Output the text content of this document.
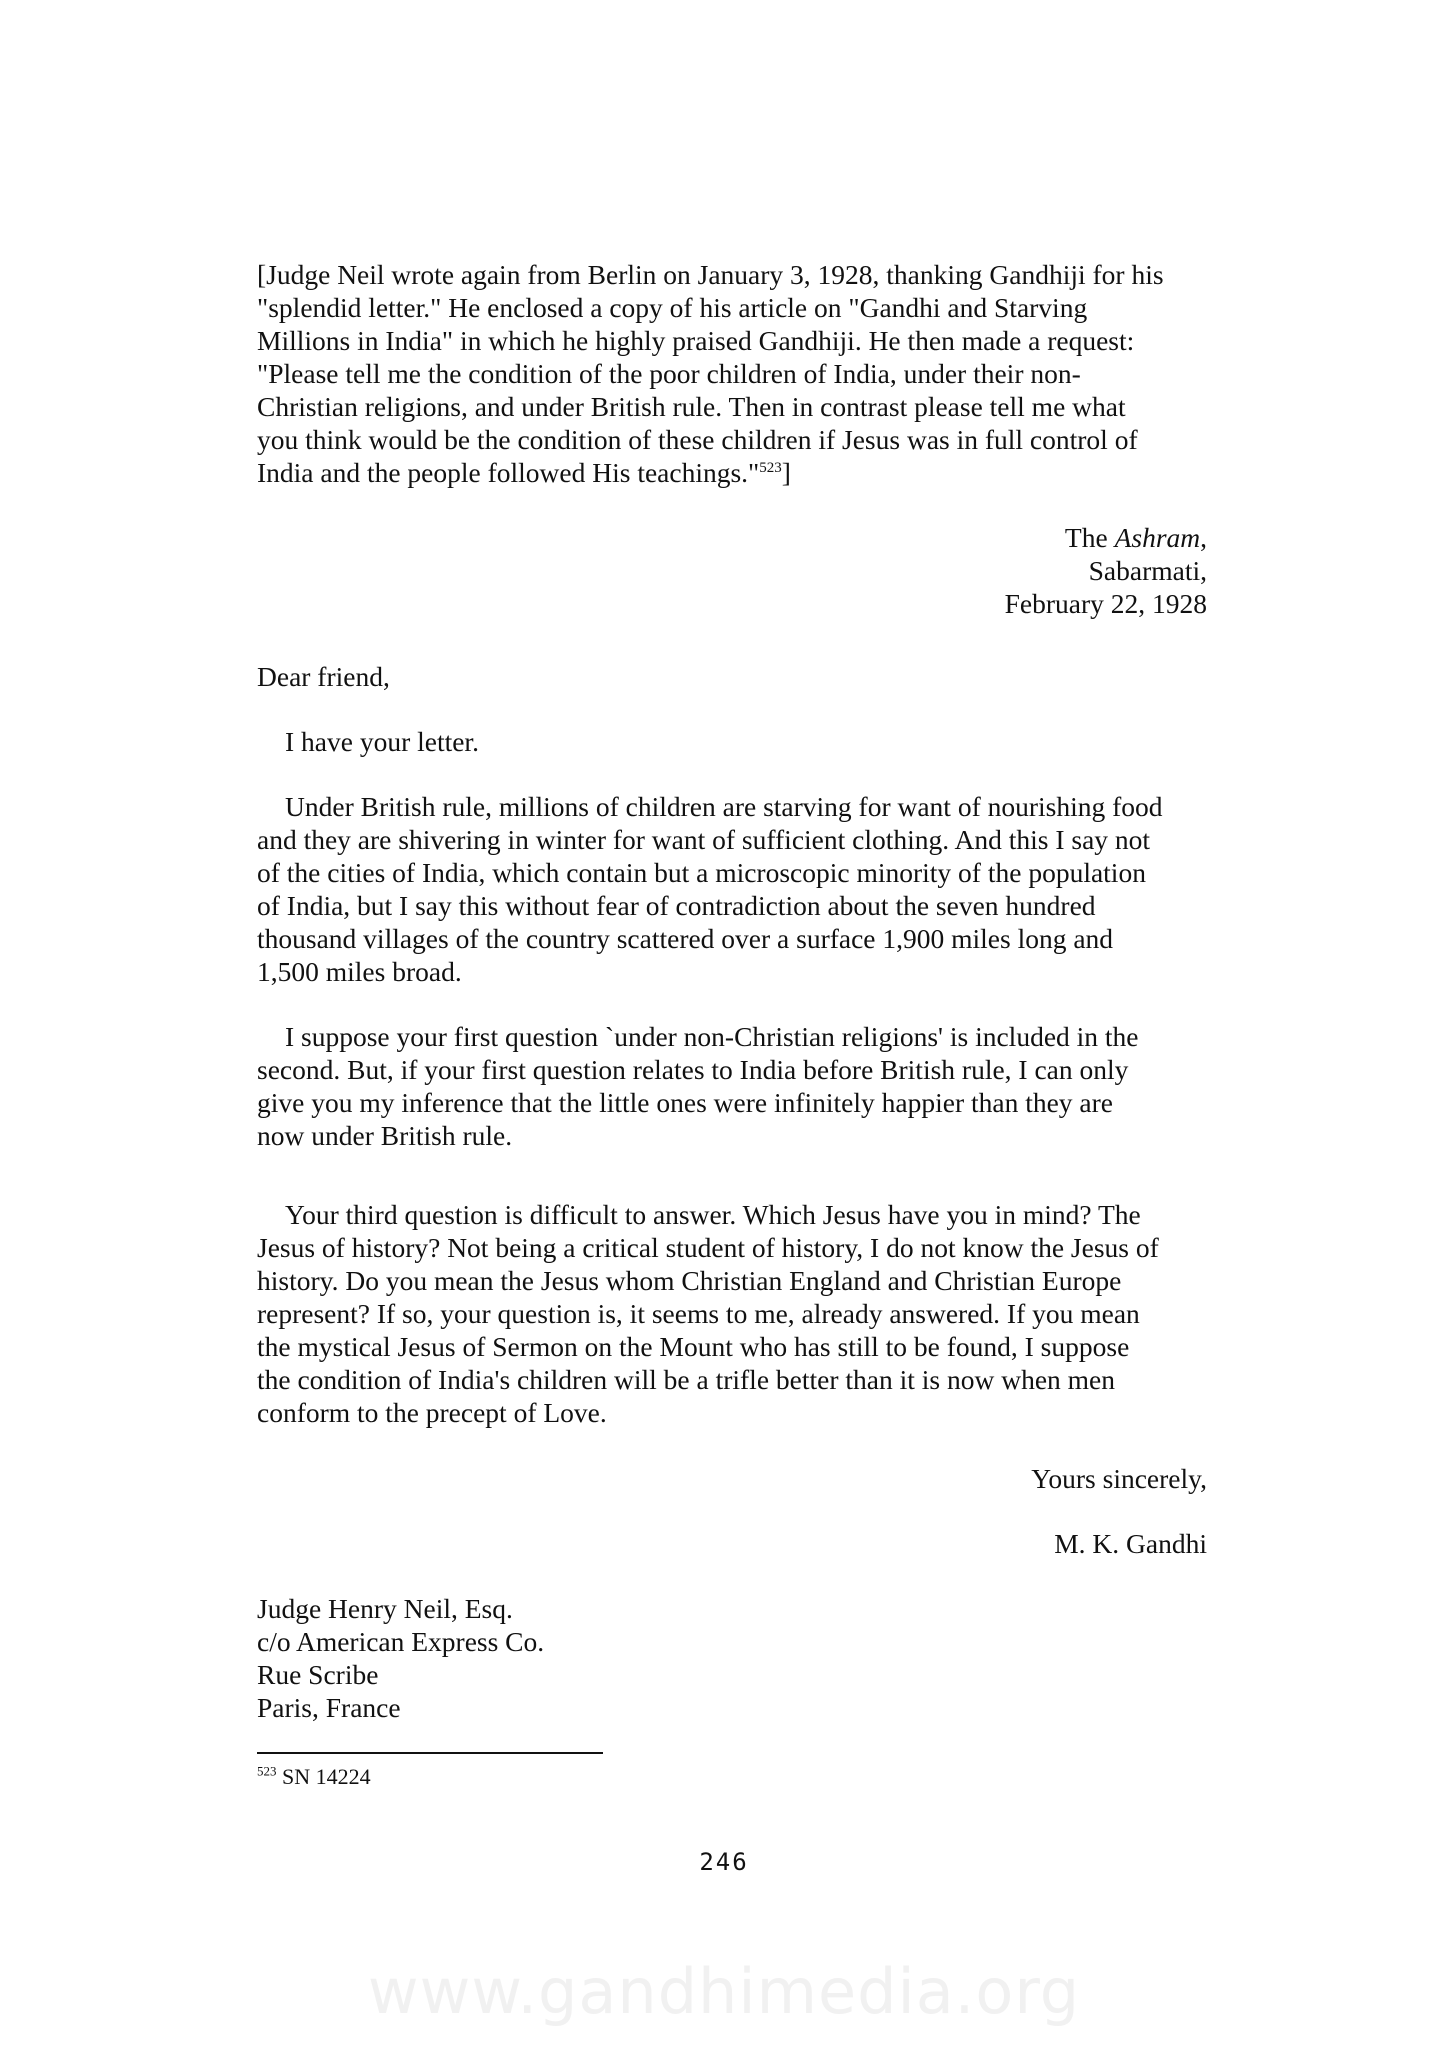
[Judge Neil wrote again from Berlin on January 3, 1928, thanking Gandhiji for his
"splendid letter." He enclosed a copy of his article on "Gandhi and Starving
Millions in India" in which he highly praised Gandhiji. He then made a request:
"Please tell me the condition of the poor children of India, under their non-
Christian religions, and under British rule. Then in contrast please tell me what
you think would be the condition of these children if Jesus was in full control of
India and the people followed His teachings."$^{523}$]
The Ashram,
Sabarmati,
February 22, 1928
Dear friend,
I have your letter.
Under British rule, millions of children are starving for want of nourishing food
and they are shivering in winter for want of sufficient clothing. And this I say not
of the cities of India, which contain but a microscopic minority of the population
of India, but I say this without fear of contradiction about the seven hundred
thousand villages of the country scattered over a surface 1,900 miles long and
1,500 miles broad.
I suppose your first question `under non-Christian religions' is included in the
second. But, if your first question relates to India before British rule, I can only
give you my inference that the little ones were infinitely happier than they are
now under British rule.
Your third question is difficult to answer. Which Jesus have you in mind? The
Jesus of history? Not being a critical student of history, I do not know the Jesus of
history. Do you mean the Jesus whom Christian England and Christian Europe
represent? If so, your question is, it seems to me, already answered. If you mean
the mystical Jesus of Sermon on the Mount who has still to be found, I suppose
the condition of India's children will be a trifle better than it is now when men
conform to the precept of Love.
Yours sincerely,
M. K. Gandhi
Judge Henry Neil, Esq.
c/o American Express Co.
Rue Scribe
Paris, France
$^{523}$ SN 14224
246
www.gandhimedia.org
